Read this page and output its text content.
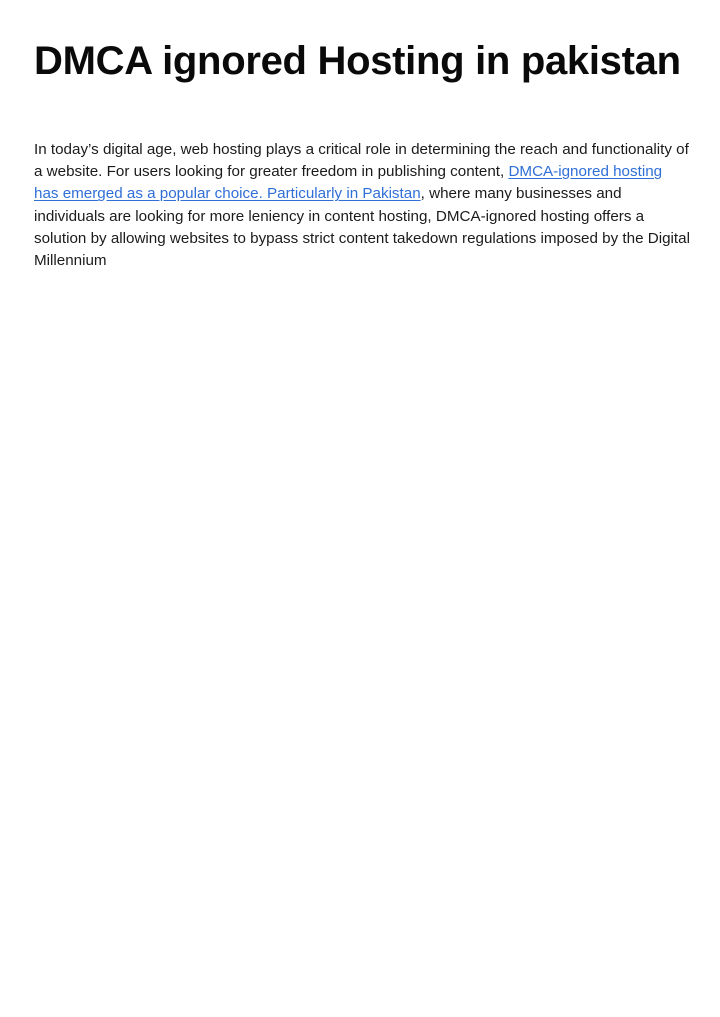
DMCA ignored Hosting in pakistan

In today’s digital age, web hosting plays a critical role in determining the reach and functionality of a website. For users looking for greater freedom in publishing content, DMCA-ignored hosting has emerged as a popular choice. Particularly in Pakistan, where many businesses and individuals are looking for more leniency in content hosting, DMCA-ignored hosting offers a solution by allowing websites to bypass strict content takedown regulations imposed by the Digital Millennium
